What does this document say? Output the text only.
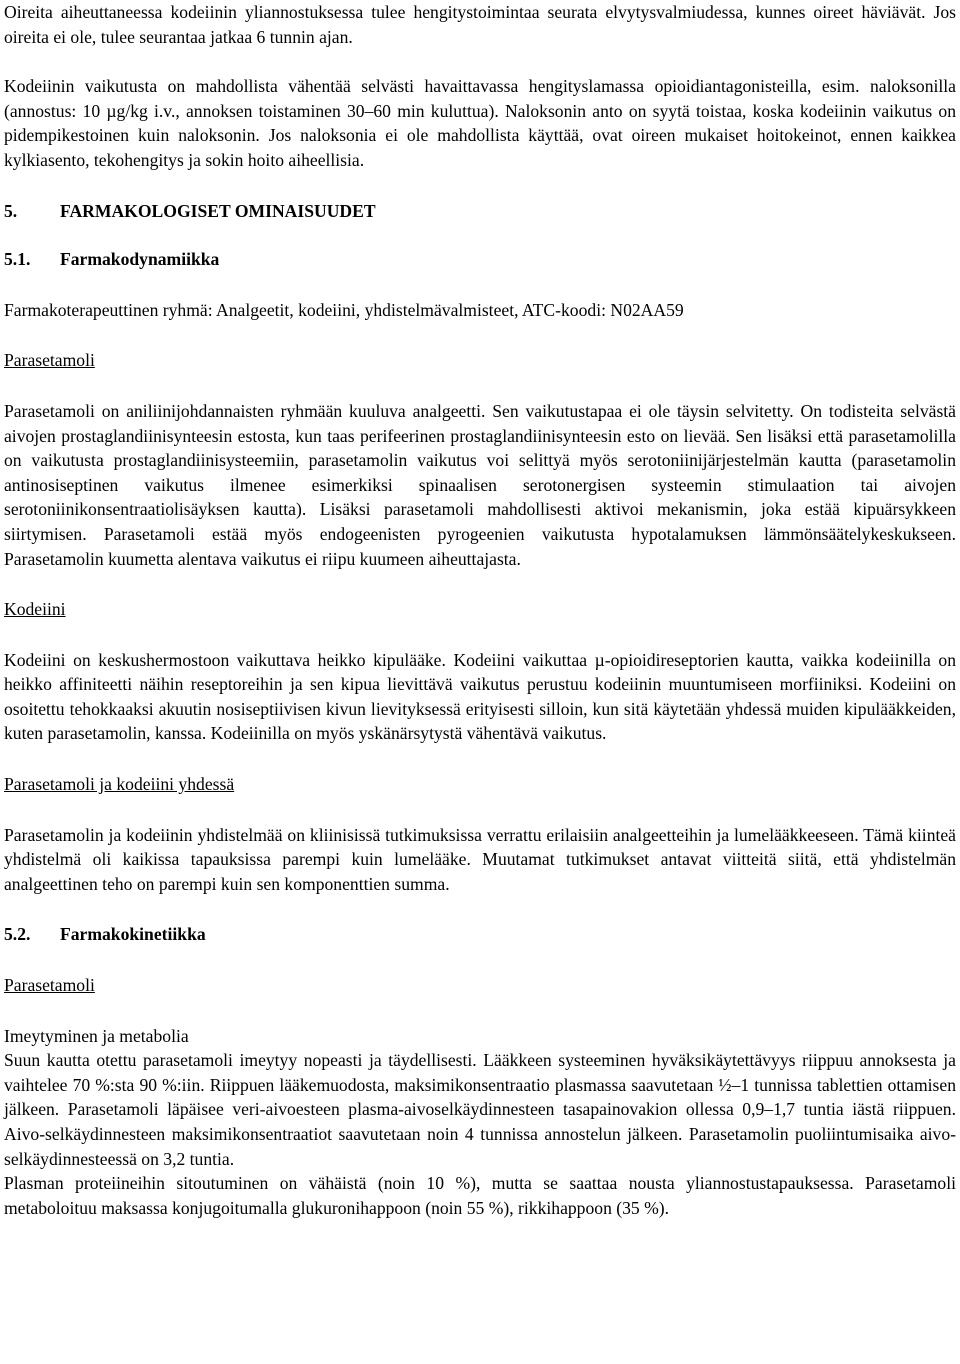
Oireita aiheuttaneessa kodeiinin yliannostuksessa tulee hengitystoimintaa seurata elvytysvalmiudessa, kunnes oireet häviävät. Jos oireita ei ole, tulee seurantaa jatkaa 6 tunnin ajan.

Kodeiinin vaikutusta on mahdollista vähentää selvästi havaittavassa hengityslamassa opioidiantagonisteilla, esim. naloksonilla (annostus: 10 µg/kg i.v., annoksen toistaminen 30–60 min kuluttua). Naloksonin anto on syytä toistaa, koska kodeiinin vaikutus on pidempikestoinen kuin naloksonin. Jos naloksonia ei ole mahdollista käyttää, ovat oireen mukaiset hoitokeinot, ennen kaikkea kylkiasento, tekohengitys ja sokin hoito aiheellisia.

5. FARMAKOLOGISET OMINAISUUDET
5.1. Farmakodynamiikka

Farmakoterapeuttinen ryhmä: Analgeetit, kodeiini, yhdistelmävalmisteet, ATC-koodi: N02AA59

Parasetamoli

Parasetamoli on aniliinijohdannaisten ryhmään kuuluva analgeetti. Sen vaikutustapaa ei ole täysin selvitetty. On todisteita selvästä aivojen prostaglandiinisynteesin estosta, kun taas perifeerinen prostaglandiinisynteesin esto on lievää. Sen lisäksi että parasetamolilla on vaikutusta prostaglandiinisysteemiin, parasetamolin vaikutus voi selittyä myös serotoniinijärjestelmän kautta (parasetamolin antinosiseptinen vaikutus ilmenee esimerkiksi spinaalisen serotonergisen systeemin stimulaation tai aivojen serotoniinikonsentraatiolisäyksen kautta). Lisäksi parasetamoli mahdollisesti aktivoi mekanismin, joka estää kipuärsykkeen siirtymisen. Parasetamoli estää myös endogeenisten pyrogeenien vaikutusta hypotalamuksen lämmönsäätelykeskukseen. Parasetamolin kuumetta alentava vaikutus ei riipu kuumeen aiheuttajasta.

Kodeiini

Kodeiini on keskushermostoon vaikuttava heikko kipulääke. Kodeiini vaikuttaa µ-opioidireseptorien kautta, vaikka kodeiinilla on heikko affiniteetti näihin reseptoreihin ja sen kipua lievittävä vaikutus perustuu kodeiinin muuntumiseen morfiiniksi. Kodeiini on osoitettu tehokkaaksi akuutin nosiseptiivisen kivun lievityksessä erityisesti silloin, kun sitä käytetään yhdessä muiden kipulääkkeiden, kuten parasetamolin, kanssa. Kodeiinilla on myös yskänärsytystä vähentävä vaikutus.

Parasetamoli ja kodeiini yhdessä

Parasetamolin ja kodeiinin yhdistelmää on kliinisissä tutkimuksissa verrattu erilaisiin analgeetteihin ja lumelääkkeeseen. Tämä kiinteä yhdistelmä oli kaikissa tapauksissa parempi kuin lumelääke. Muutamat tutkimukset antavat viitteitä siitä, että yhdistelmän analgeettinen teho on parempi kuin sen komponenttien summa.

5.2. Farmakokinetiikka

Parasetamoli

Imeytyminen ja metabolia

Suun kautta otettu parasetamoli imeytyy nopeasti ja täydellisesti. Lääkkeen systeeminen hyväksikäytettävyys riippuu annoksesta ja vaihtelee 70 %:sta 90 %:iin. Riippuen lääkemuodosta, maksimikonsentraatio plasmassa saavutetaan ½–1 tunnissa tablettien ottamisen jälkeen. Parasetamoli läpäisee veri-aivoesteen plasma-aivoselkäydinnesteen tasapainovakion ollessa 0,9–1,7 tuntia iästä riippuen. Aivo-selkäydinnesteen maksimikonsentraatiot saavutetaan noin 4 tunnissa annostelun jälkeen. Parasetamolin puoliintumisaika aivo-selkäydinnesteessä on 3,2 tuntia.

Plasman proteiineihin sitoutuminen on vähäistä (noin 10 %), mutta se saattaa nousta yliannostustapauksessa. Parasetamoli metaboloituu maksassa konjugoitumalla glukuronihappoon (noin 55 %), rikkihappoon (35 %).
